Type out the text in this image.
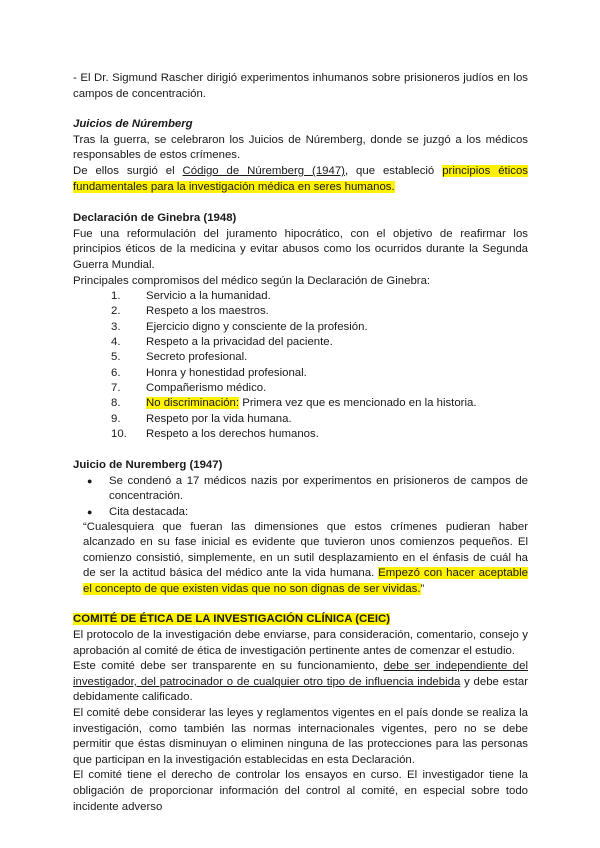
- El Dr. Sigmund Rascher dirigió experimentos inhumanos sobre prisioneros judíos en los campos de concentración.

Juicios de Núremberg

Tras la guerra, se celebraron los Juicios de Núremberg, donde se juzgó a los médicos responsables de estos crímenes.

De ellos surgió el Código de Núremberg (1947), que estableció principios éticos fundamentales para la investigación médica en seres humanos.

Declaración de Ginebra (1948)

Fue una reformulación del juramento hipocrático, con el objetivo de reafirmar los principios éticos de la medicina y evitar abusos como los ocurridos durante la Segunda Guerra Mundial.

Principales compromisos del médico según la Declaración de Ginebra:

1. Servicio a la humanidad.
2. Respeto a los maestros.
3. Ejercicio digno y consciente de la profesión.
4. Respeto a la privacidad del paciente.
5. Secreto profesional.
6. Honra y honestidad profesional.
7. Compañerismo médico.
8. No discriminación: Primera vez que es mencionado en la historia.
9. Respeto por la vida humana.
10. Respeto a los derechos humanos.

Juicio de Nuremberg (1947)

● Se condenó a 17 médicos nazis por experimentos en prisioneros de campos de concentración.
● Cita destacada:

“Cualesquiera que fueran las dimensiones que estos crímenes pudieran haber alcanzado en su fase inicial es evidente que tuvieron unos comienzos pequeños. El comienzo consistió, simplemente, en un sutil desplazamiento en el énfasis de cuál ha de ser la actitud básica del médico ante la vida humana. Empezó con hacer aceptable el concepto de que existen vidas que no son dignas de ser vividas.”

COMITÉ DE ÉTICA DE LA INVESTIGACIÓN CLÍNICA (CEIC)

El protocolo de la investigación debe enviarse, para consideración, comentario, consejo y aprobación al comité de ética de investigación pertinente antes de comenzar el estudio.

Este comité debe ser transparente en su funcionamiento, debe ser independiente del investigador, del patrocinador o de cualquier otro tipo de influencia indebida y debe estar debidamente calificado.

El comité debe considerar las leyes y reglamentos vigentes en el país donde se realiza la investigación, como también las normas internacionales vigentes, pero no se debe permitir que éstas disminuyan o eliminen ninguna de las protecciones para las personas que participan en la investigación establecidas en esta Declaración.

El comité tiene el derecho de controlar los ensayos en curso. El investigador tiene la obligación de proporcionar información del control al comité, en especial sobre todo incidente adverso
